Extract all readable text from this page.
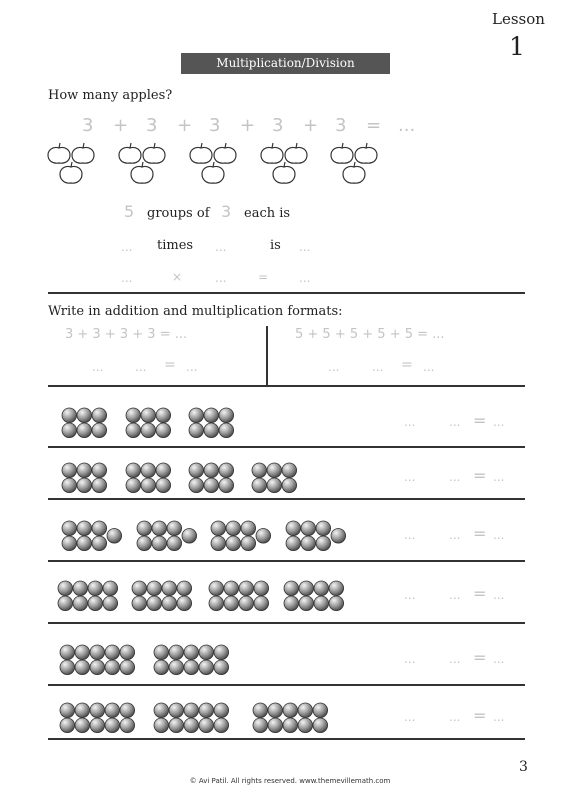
Lesson
1
Multiplication/Division
How many apples?
3 + 3 + 3 + 3 + 3 = ...
5 groups of 3 each is
... times ...	is ...
...	×	...	=	...
Write in addition and multiplication formats:
3 + 3 + 3 + 3 = ...	5 + 5 + 5 + 5 + 5 = ...
...	... = ...	...	... = ...
...	... = ...
...	... = ...
...	... = ...
...	... = ...
...	... = ...
...	... = ...
3
© Avi Patil. All rights reserved. www.themevillemath.com
